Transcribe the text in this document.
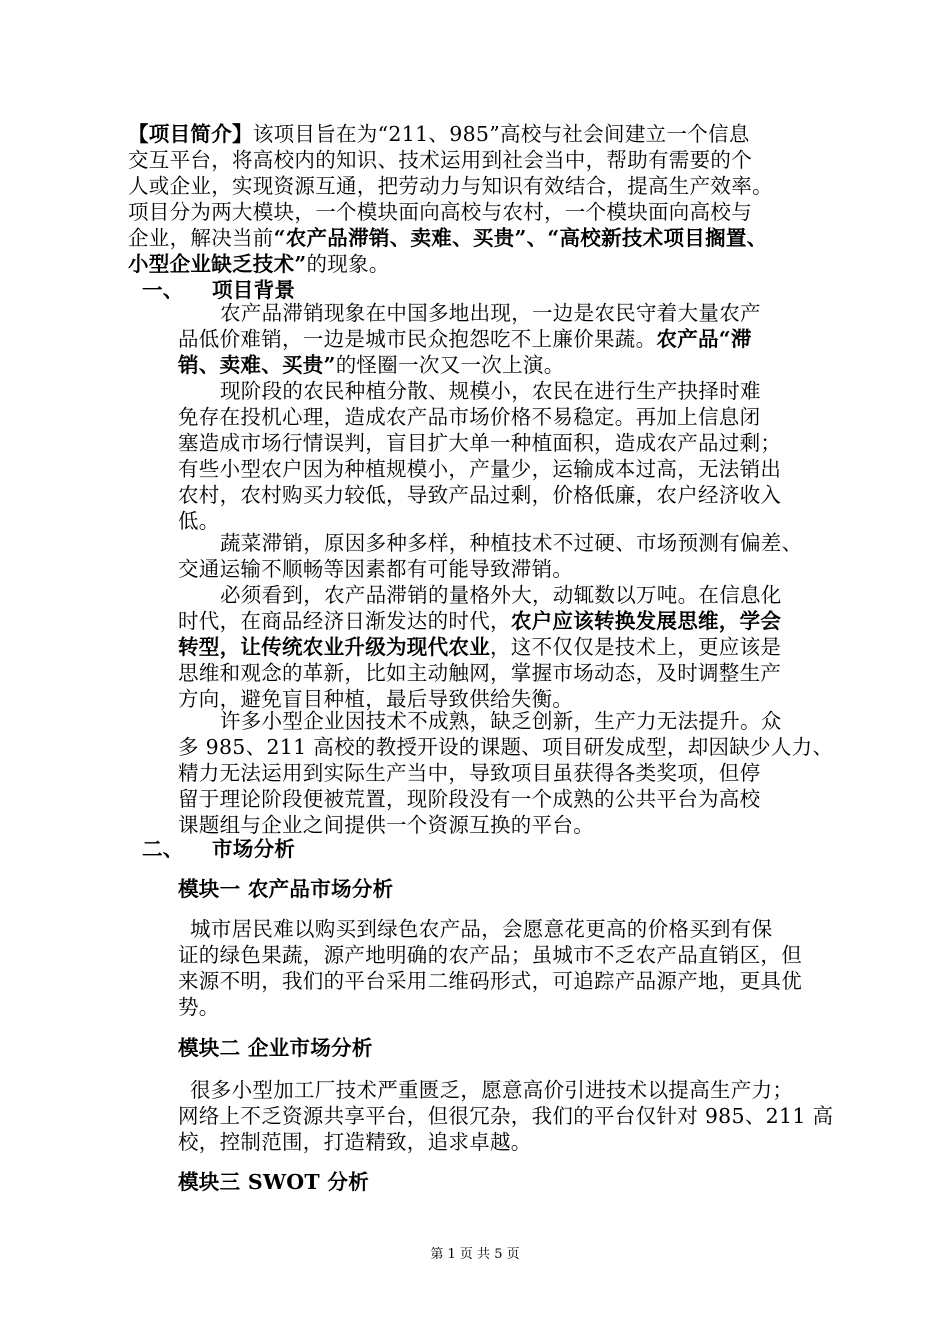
【项目简介】该项目旨在为“211、985”高校与社会间建立一个信息
交互平台，将高校内的知识、技术运用到社会当中，帮助有需要的个
人或企业，实现资源互通，把劳动力与知识有效结合，提高生产效率。
项目分为两大模块，一个模块面向高校与农村，一个模块面向高校与
企业，解决当前“农产品滞销、卖难、买贵”、“高校新技术项目搁置、
小型企业缺乏技术”的现象。
一、 项目背景
农产品滞销现象在中国多地出现，一边是农民守着大量农产
品低价难销，一边是城市民众抱怨吃不上廉价果蔬。农产品“滞
销、卖难、买贵”的怪圈一次又一次上演。
现阶段的农民种植分散、规模小，农民在进行生产抉择时难
免存在投机心理，造成农产品市场价格不易稳定。再加上信息闭
塞造成市场行情误判，盲目扩大单一种植面积，造成农产品过剩；
有些小型农户因为种植规模小，产量少，运输成本过高，无法销出
农村，农村购买力较低，导致产品过剩，价格低廉，农户经济收入
低。
蔬菜滞销，原因多种多样，种植技术不过硬、市场预测有偏差、
交通运输不顺畅等因素都有可能导致滞销。
必须看到，农产品滞销的量格外大，动辄数以万吨。在信息化
时代，在商品经济日渐发达的时代，农户应该转换发展思维，学会
转型，让传统农业升级为现代农业，这不仅仅是技术上，更应该是
思维和观念的革新，比如主动触网，掌握市场动态，及时调整生产
方向，避免盲目种植，最后导致供给失衡。
许多小型企业因技术不成熟，缺乏创新，生产力无法提升。众
多 985、211 高校的教授开设的课题、项目研发成型，却因缺少人力、
精力无法运用到实际生产当中，导致项目虽获得各类奖项，但停
留于理论阶段便被荒置，现阶段没有一个成熟的公共平台为高校
课题组与企业之间提供一个资源互换的平台。
二、 市场分析
模块一 农产品市场分析
城市居民难以购买到绿色农产品，会愿意花更高的价格买到有保
证的绿色果蔬，源产地明确的农产品；虽城市不乏农产品直销区，但
来源不明，我们的平台采用二维码形式，可追踪产品源产地，更具优
势。
模块二 企业市场分析
很多小型加工厂技术严重匮乏，愿意高价引进技术以提高生产力；
网络上不乏资源共享平台，但很冗杂，我们的平台仅针对 985、211 高
校，控制范围，打造精致，追求卓越。
模块三 SWOT 分析
第 1 页 共 5 页
